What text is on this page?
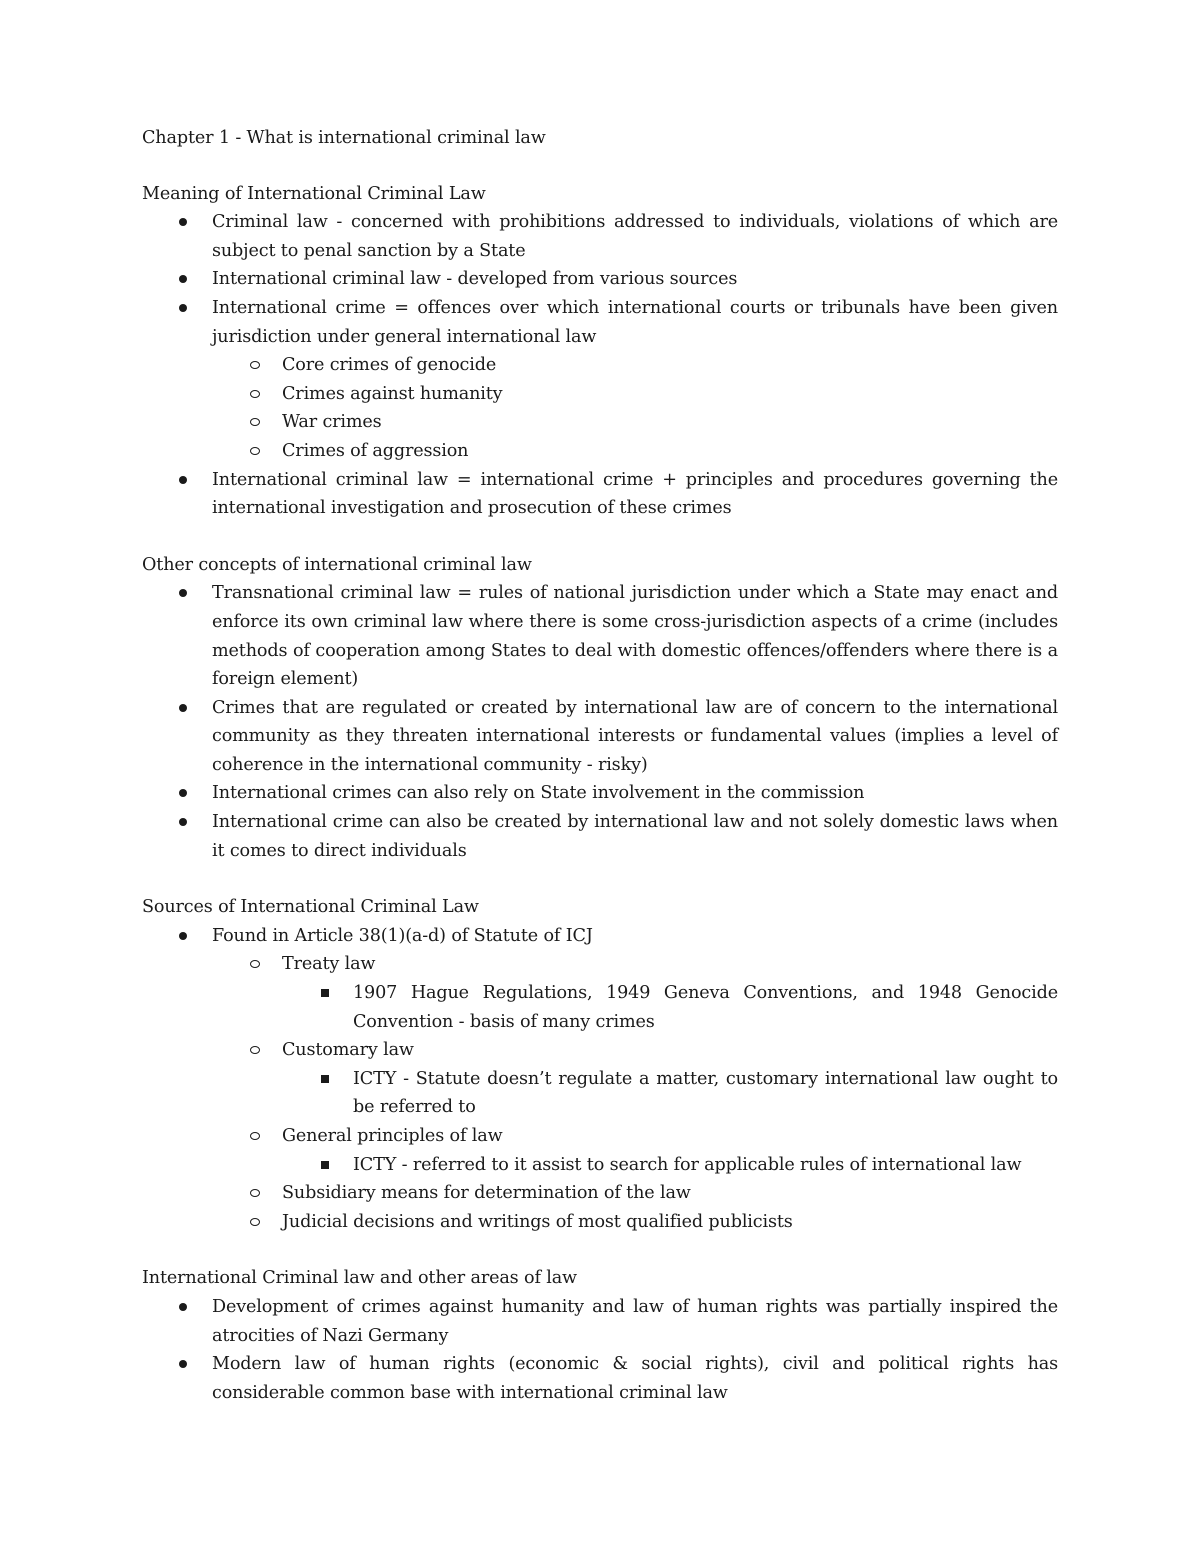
Chapter 1 - What is international criminal law
Meaning of International Criminal Law
Criminal law - concerned with prohibitions addressed to individuals, violations of which are subject to penal sanction by a State
International criminal law - developed from various sources
International crime = offences over which international courts or tribunals have been given jurisdiction under general international law
Core crimes of genocide
Crimes against humanity
War crimes
Crimes of aggression
International criminal law = international crime + principles and procedures governing the international investigation and prosecution of these crimes
Other concepts of international criminal law
Transnational criminal law = rules of national jurisdiction under which a State may enact and enforce its own criminal law where there is some cross-jurisdiction aspects of a crime (includes methods of cooperation among States to deal with domestic offences/offenders where there is a foreign element)
Crimes that are regulated or created by international law are of concern to the international community as they threaten international interests or fundamental values (implies a level of coherence in the international community - risky)
International crimes can also rely on State involvement in the commission
International crime can also be created by international law and not solely domestic laws when it comes to direct individuals
Sources of International Criminal Law
Found in Article 38(1)(a-d) of Statute of ICJ
Treaty law
1907 Hague Regulations, 1949 Geneva Conventions, and 1948 Genocide Convention - basis of many crimes
Customary law
ICTY - Statute doesn’t regulate a matter, customary international law ought to be referred to
General principles of law
ICTY - referred to it assist to search for applicable rules of international law
Subsidiary means for determination of the law
Judicial decisions and writings of most qualified publicists
International Criminal law and other areas of law
Development of crimes against humanity and law of human rights was partially inspired the atrocities of Nazi Germany
Modern law of human rights (economic & social rights), civil and political rights has considerable common base with international criminal law
